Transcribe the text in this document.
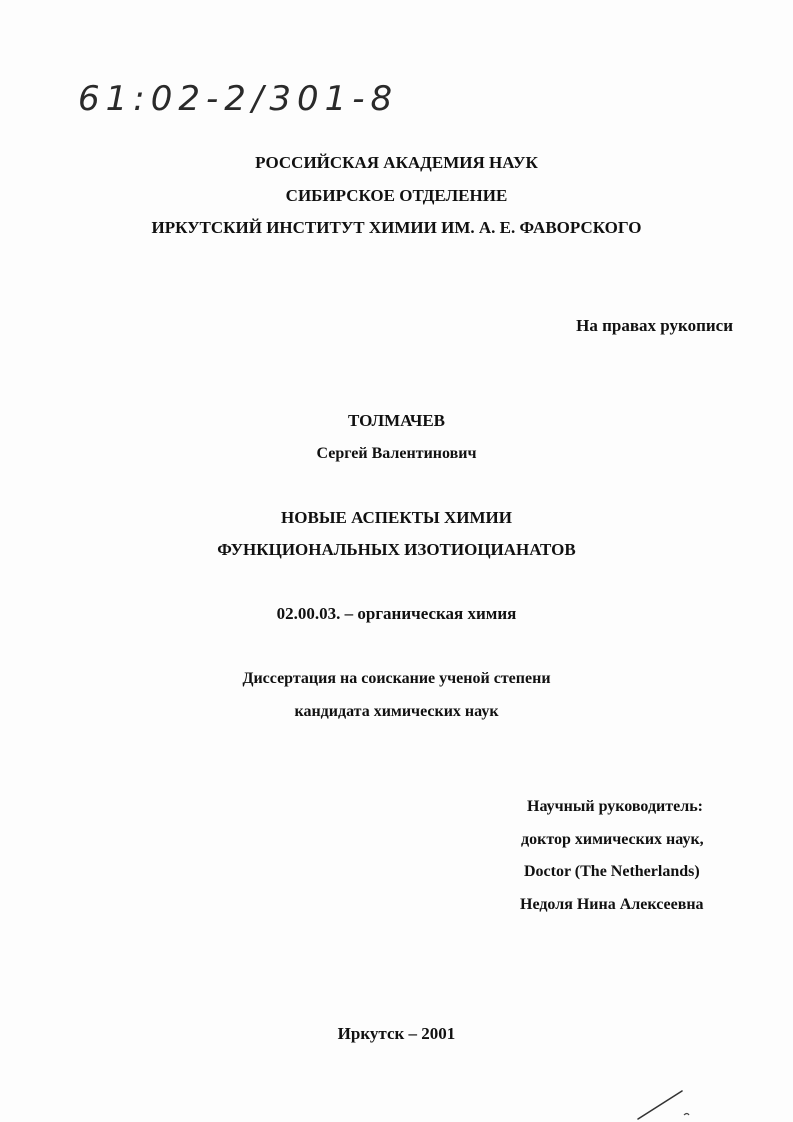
61:02-2/301-8
РОССИЙСКАЯ АКАДЕМИЯ НАУК
СИБИРСКОЕ ОТДЕЛЕНИЕ
ИРКУТСКИЙ ИНСТИТУТ ХИМИИ ИМ. А. Е. ФАВОРСКОГО
На правах рукописи
ТОЛМАЧЕВ
Сергей Валентинович
НОВЫЕ АСПЕКТЫ ХИМИИ
ФУНКЦИОНАЛЬНЫХ ИЗОТИОЦИАНАТОВ
02.00.03. – органическая химия
Диссертация на соискание ученой степени
кандидата химических наук
Научный руководитель:
доктор химических наук,
Doctor (The Netherlands)
Недоля Нина Алексеевна
Иркутск – 2001
